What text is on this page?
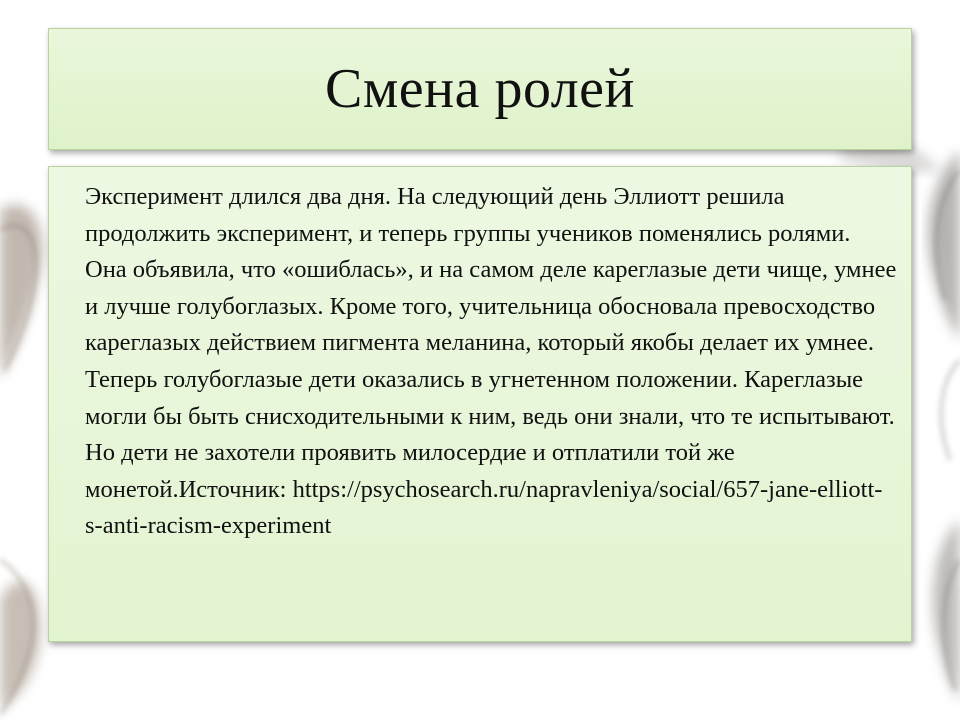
Смена ролей

Эксперимент длился два дня. На следующий день Эллиотт решила продолжить эксперимент, и теперь группы учеников поменялись ролями. Она объявила, что «ошиблась», и на самом деле кареглазые дети чище, умнее и лучше голубоглазых. Кроме того, учительница обосновала превосходство кареглазых действием пигмента меланина, который якобы делает их умнее. Теперь голубоглазые дети оказались в угнетенном положении. Кареглазые могли бы быть снисходительными к ним, ведь они знали, что те испытывают. Но дети не захотели проявить милосердие и отплатили той же монетой.Источник: https://psychosearch.ru/napravleniya/social/657-jane-elliott-s-anti-racism-experiment
